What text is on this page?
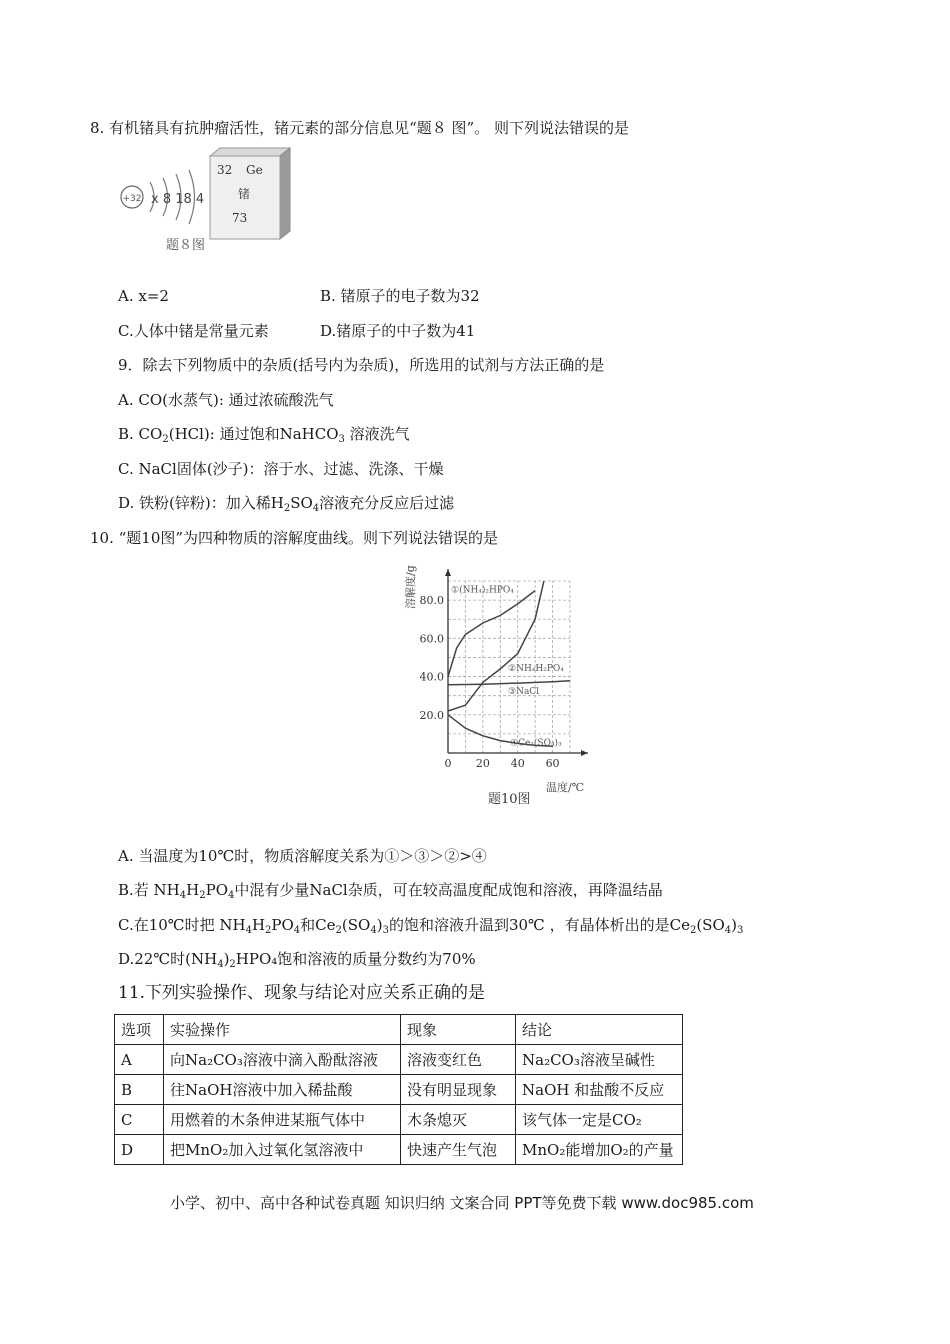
8. 有机锗具有抗肿瘤活性，锗元素的部分信息见“题８ 图”。 则下列说法错误的是
+32 x 8 18 4
32 Ge
锗
73
题８图
A. x=2	B. 锗原子的电子数为32
C.人体中锗是常量元素	D.锗原子的中子数为41
9．除去下列物质中的杂质(括号内为杂质)，所选用的试剂与方法正确的是
A. CO(水蒸气): 通过浓硫酸洗气
B. $CO_2(HCl)$: 通过饱和NaHCO$_3$ 溶液洗气
C. NaCl固体(沙子)：溶于水、过滤、洗涤、干燥
D. 铁粉(锌粉)：加入稀$H_2SO_4$溶液充分反应后过滤
10. “题10图”为四种物质的溶解度曲线。则下列说法错误的是
20.0
40.0
60.0
80.0
0 20 40 60
①(NH₄)₂HPO₄
②NH₄H₂PO₄
③NaCl
④Ce₂(SO₄)₃
溶解度/g
温度/℃
题10图
A. 当温度为10℃时，物质溶解度关系为①＞③＞②>④
B.若 $NH_4H_2PO_4$中混有少量NaCl杂质，可在较高温度配成饱和溶液，再降温结晶
C.在10℃时把 $NH_4H_2PO_4$和$Ce_2(SO_4)_3$的饱和溶液升温到30℃ ，有晶体析出的是$Ce_2(SO_4)_3$
D.22℃时$(NH_4)_2HPO_4$饱和溶液的质量分数约为70%
11.下列实验操作、现象与结论对应关系正确的是
选项	实验操作	现象	结论
A	向Na₂CO₃溶液中滴入酚酞溶液	溶液变红色	Na₂CO₃溶液呈碱性
B	往NaOH溶液中加入稀盐酸	没有明显现象	NaOH 和盐酸不反应
C	用燃着的木条伸进某瓶气体中	木条熄灭	该气体一定是CO₂
D	把MnO₂加入过氧化氢溶液中	快速产生气泡	MnO₂能增加O₂的产量
小学、初中、高中各种试卷真题 知识归纳 文案合同 PPT等免费下载 www.doc985.com
